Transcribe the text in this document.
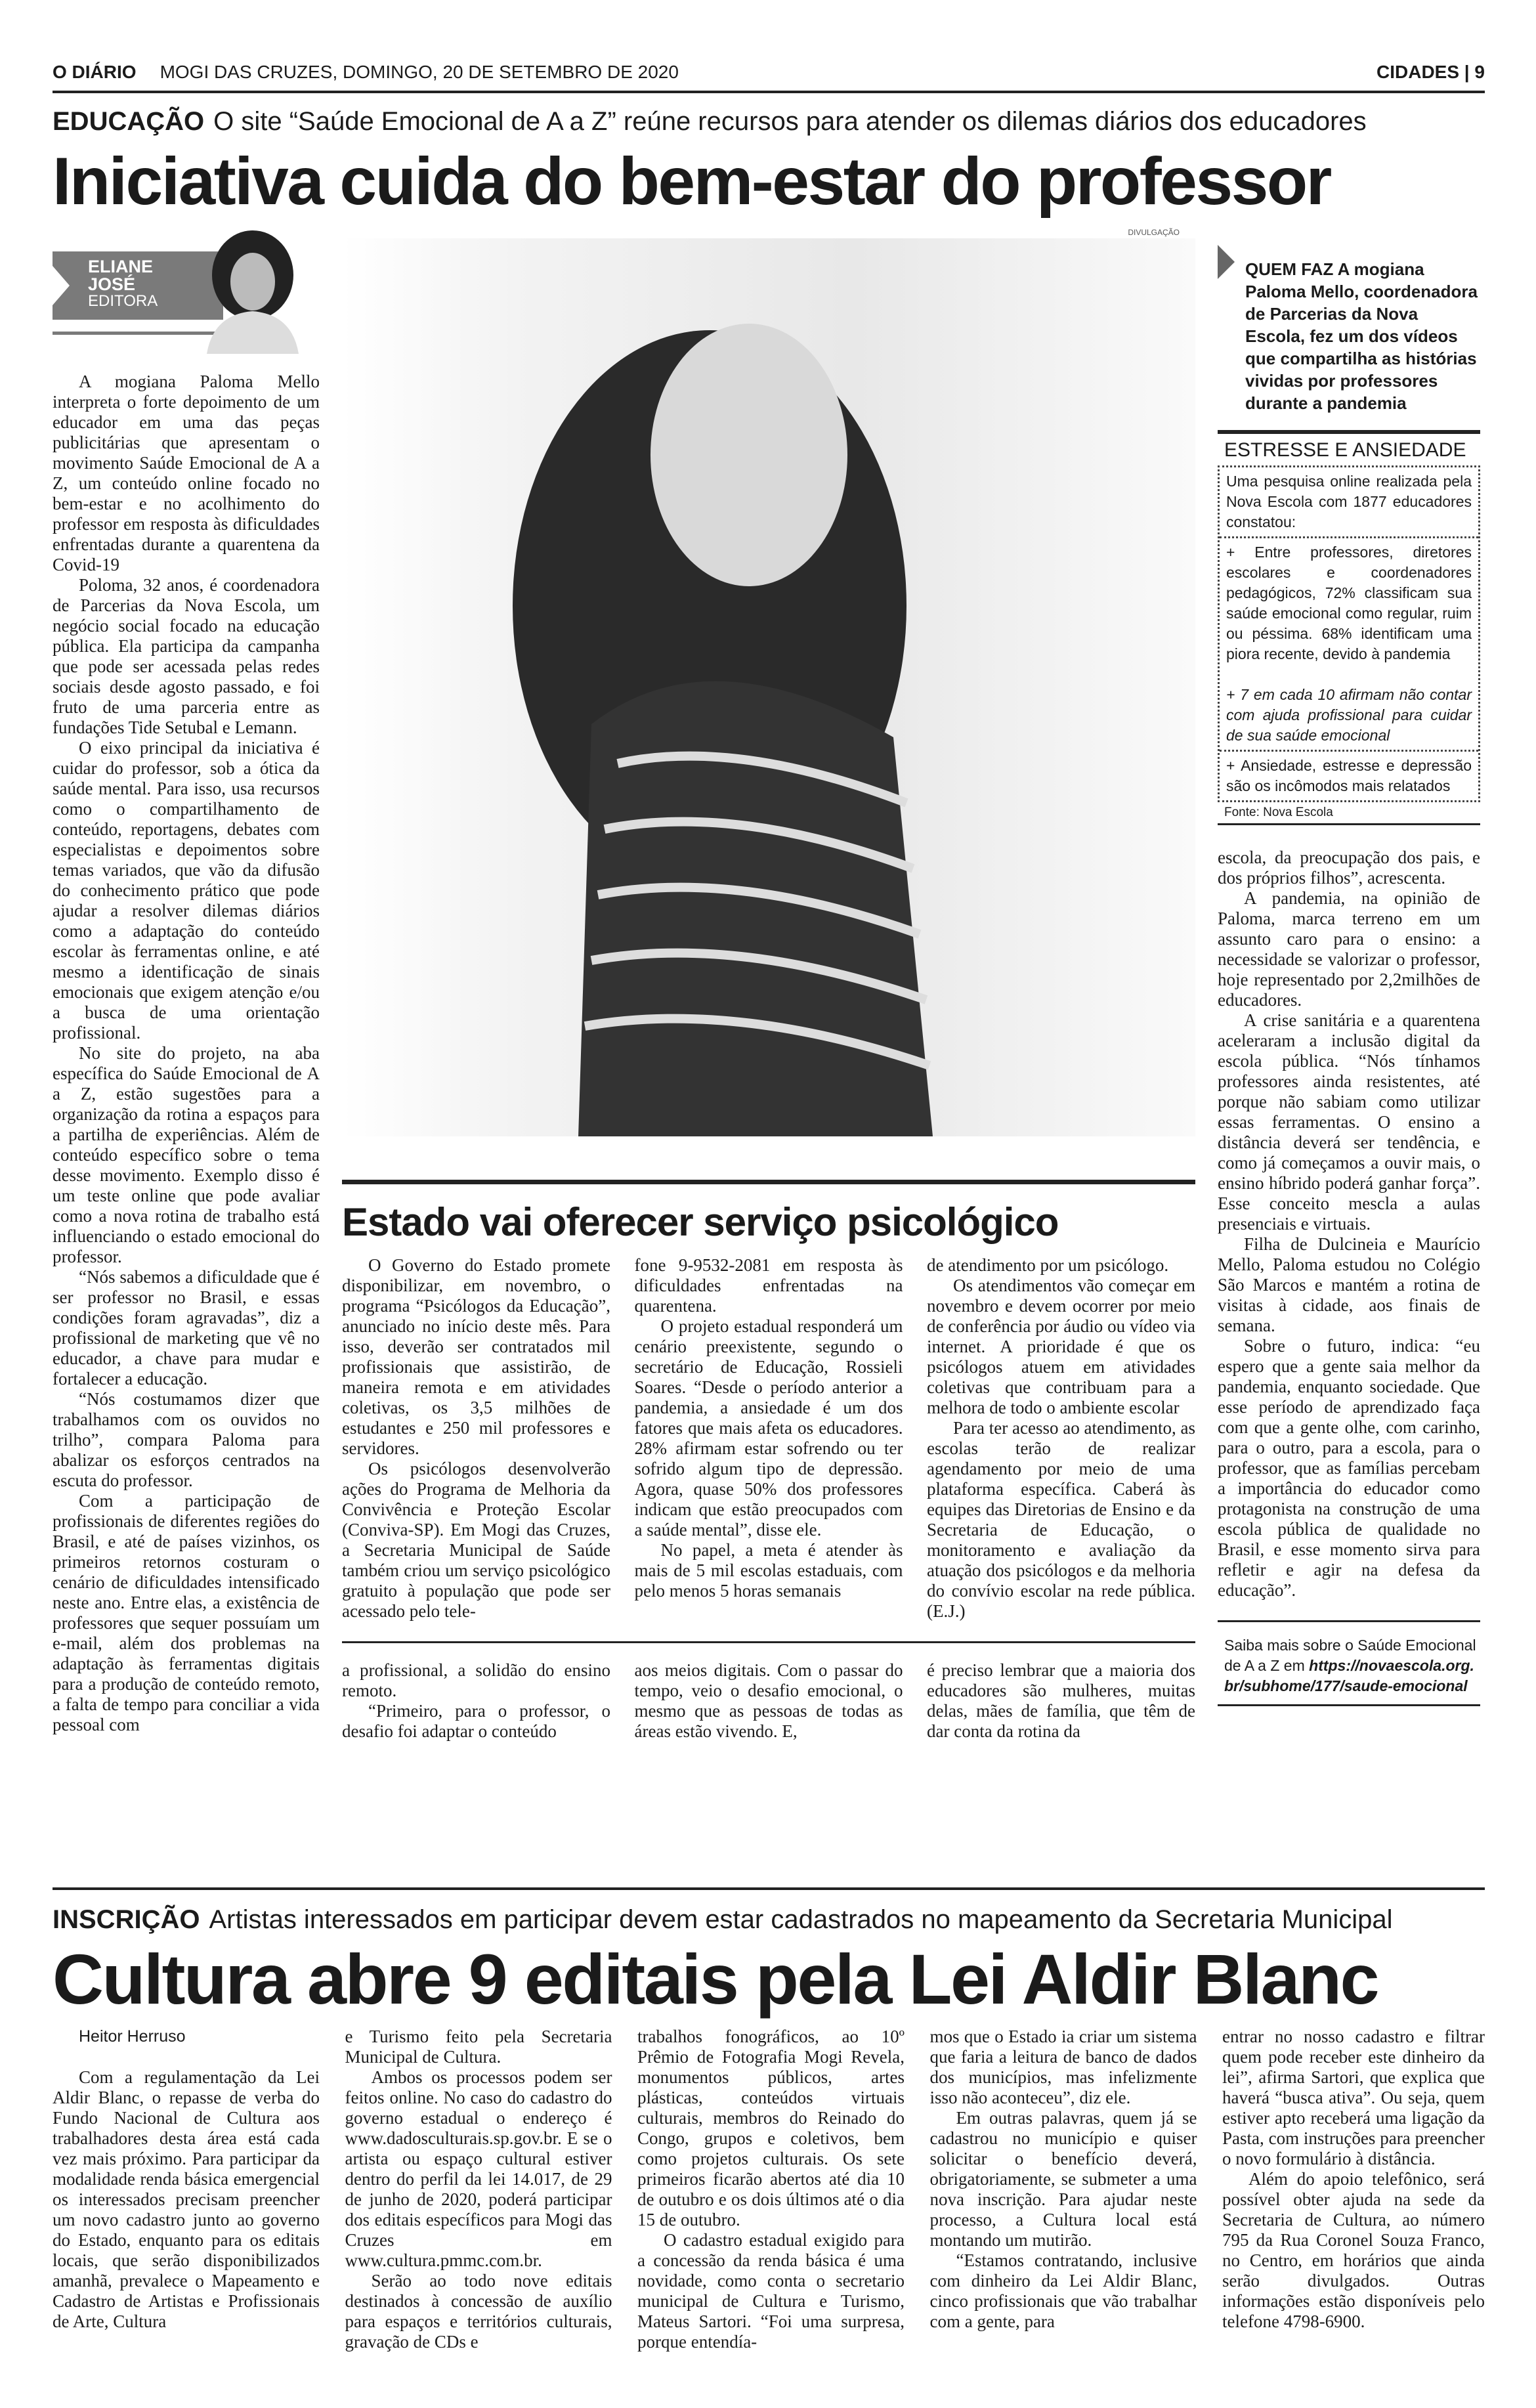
O DIÁRIO MOGI DAS CRUZES, DOMINGO, 20 DE SETEMBRO DE 2020	CIDADES | 9
EDUCAÇÃO O site “Saúde Emocional de A a Z” reúne recursos para atender os dilemas diários dos educadores
Iniciativa cuida do bem-estar do professor
ELIANE
JOSÉ
EDITORA

A mogiana Paloma Mello interpreta o forte depoimento de um educador em uma das peças publicitárias que apresentam o movimento Saúde Emocional de A a Z, um conteúdo online focado no bem-estar e no acolhimento do professor em resposta às dificuldades enfrentadas durante a quarentena da Covid-19

Poloma, 32 anos, é coordenadora de Parcerias da Nova Escola, um negócio social focado na educação pública. Ela participa da campanha que pode ser acessada pelas redes sociais desde agosto passado, e foi fruto de uma parceria entre as fundações Tide Setubal e Lemann.

O eixo principal da iniciativa é cuidar do professor, sob a ótica da saúde mental. Para isso, usa recursos como o compartilhamento de conteúdo, reportagens, debates com especialistas e depoimentos sobre temas variados, que vão da difusão do conhecimento prático que pode ajudar a resolver dilemas diários como a adaptação do conteúdo escolar às ferramentas online, e até mesmo a identificação de sinais emocionais que exigem atenção e/ou a busca de uma orientação profissional.

No site do projeto, na aba específica do Saúde Emocional de A a Z, estão sugestões para a organização da rotina a espaços para a partilha de experiências. Além de conteúdo específico sobre o tema desse movimento. Exemplo disso é um teste online que pode avaliar como a nova rotina de trabalho está influenciando o estado emocional do professor.

“Nós sabemos a dificuldade que é ser professor no Brasil, e essas condições foram agravadas”, diz a profissional de marketing que vê no educador, a chave para mudar e fortalecer a educação.

“Nós costumamos dizer que trabalhamos com os ouvidos no trilho”, compara Paloma para abalizar os esforços centrados na escuta do professor.

Com a participação de profissionais de diferentes regiões do Brasil, e até de países vizinhos, os primeiros retornos costuram o cenário de dificuldades intensificado neste ano. Entre elas, a existência de professores que sequer possuíam um e-mail, além dos problemas na adaptação às ferramentas digitais para a produção de conteúdo remoto, a falta de tempo para conciliar a vida pessoal com

DIVULGAÇÃO
Estado vai oferecer serviço psicológico

O Governo do Estado promete disponibilizar, em novembro, o programa “Psicólogos da Educação”, anunciado no início deste mês. Para isso, deverão ser contratados mil profissionais que assistirão, de maneira remota e em atividades coletivas, os 3,5 milhões de estudantes e 250 mil professores e servidores.

Os psicólogos desenvolverão ações do Programa de Melhoria da Convivência e Proteção Escolar (Conviva-SP). Em Mogi das Cruzes, a Secretaria Municipal de Saúde também criou um serviço psicológico gratuito à população que pode ser acessado pelo tele-

fone 9-9532-2081 em resposta às dificuldades enfrentadas na quarentena.

O projeto estadual responderá um cenário preexistente, segundo o secretário de Educação, Rossieli Soares. “Desde o período anterior a pandemia, a ansiedade é um dos fatores que mais afeta os educadores. 28% afirmam estar sofrendo ou ter sofrido algum tipo de depressão. Agora, quase 50% dos professores indicam que estão preocupados com a saúde mental”, disse ele.

No papel, a meta é atender às mais de 5 mil escolas estaduais, com pelo menos 5 horas semanais

de atendimento por um psicólogo.

Os atendimentos vão começar em novembro e devem ocorrer por meio de conferência por áudio ou vídeo via internet. A prioridade é que os psicólogos atuem em atividades coletivas que contribuam para a melhora de todo o ambiente escolar

Para ter acesso ao atendimento, as escolas terão de realizar agendamento por meio de uma plataforma específica. Caberá às equipes das Diretorias de Ensino e da Secretaria de Educação, o monitoramento e avaliação da atuação dos psicólogos e da melhoria do convívio escolar na rede pública. (E.J.)

a profissional, a solidão do ensino remoto.

“Primeiro, para o professor, o desafio foi adaptar o conteúdo

aos meios digitais. Com o passar do tempo, veio o desafio emocional, o mesmo que as pessoas de todas as áreas estão vivendo. E,

é preciso lembrar que a maioria dos educadores são mulheres, muitas delas, mães de família, que têm de dar conta da rotina da

QUEM FAZ A mogiana Paloma Mello, coordenadora de Parcerias da Nova Escola, fez um dos vídeos que compartilha as histórias vividas por professores durante a pandemia
ESTRESSE E ANSIEDADE
Uma pesquisa online realizada pela Nova Escola com 1877 educadores constatou:
+ Entre professores, diretores escolares e coordenadores pedagógicos, 72% classificam sua saúde emocional como regular, ruim ou péssima. 68% identificam uma piora recente, devido à pandemia

+ 7 em cada 10 afirmam não contar com ajuda profissional para cuidar de sua saúde emocional
+ Ansiedade, estresse e depressão são os incômodos mais relatados
Fonte: Nova Escola

escola, da preocupação dos pais, e dos próprios filhos”, acrescenta.

A pandemia, na opinião de Paloma, marca terreno em um assunto caro para o ensino: a necessidade se valorizar o professor, hoje representado por 2,2milhões de educadores.

A crise sanitária e a quarentena aceleraram a inclusão digital da escola pública. “Nós tínhamos professores ainda resistentes, até porque não sabiam como utilizar essas ferramentas. O ensino a distância deverá ser tendência, e como já começamos a ouvir mais, o ensino híbrido poderá ganhar força”. Esse conceito mescla a aulas presenciais e virtuais.

Filha de Dulcineia e Maurício Mello, Paloma estudou no Colégio São Marcos e mantém a rotina de visitas à cidade, aos finais de semana.

Sobre o futuro, indica: “eu espero que a gente saia melhor da pandemia, enquanto sociedade. Que esse período de aprendizado faça com que a gente olhe, com carinho, para o outro, para a escola, para o professor, que as famílias percebam a importância do educador como protagonista na construção de uma escola pública de qualidade no Brasil, e esse momento sirva para refletir e agir na defesa da educação”.

Saiba mais sobre o Saúde Emocional de A a Z em https://novaescola.org.br/subhome/177/saude-emocional
INSCRIÇÃO Artistas interessados em participar devem estar cadastrados no mapeamento da Secretaria Municipal
Cultura abre 9 editais pela Lei Aldir Blanc
Heitor Herruso

Com a regulamentação da Lei Aldir Blanc, o repasse de verba do Fundo Nacional de Cultura aos trabalhadores desta área está cada vez mais próximo. Para participar da modalidade renda básica emergencial os interessados precisam preencher um novo cadastro junto ao governo do Estado, enquanto para os editais locais, que serão disponibilizados amanhã, prevalece o Mapeamento e Cadastro de Artistas e Profissionais de Arte, Cultura

e Turismo feito pela Secretaria Municipal de Cultura.

Ambos os processos podem ser feitos online. No caso do cadastro do governo estadual o endereço é www.dadosculturais.sp.gov.br. E se o artista ou espaço cultural estiver dentro do perfil da lei 14.017, de 29 de junho de 2020, poderá participar dos editais específicos para Mogi das Cruzes em www.cultura.pmmc.com.br.

Serão ao todo nove editais destinados à concessão de auxílio para espaços e territórios culturais, gravação de CDs e

trabalhos fonográficos, ao 10º Prêmio de Fotografia Mogi Revela, monumentos públicos, artes plásticas, conteúdos virtuais culturais, membros do Reinado do Congo, grupos e coletivos, bem como projetos culturais. Os sete primeiros ficarão abertos até dia 10 de outubro e os dois últimos até o dia 15 de outubro.

O cadastro estadual exigido para a concessão da renda básica é uma novidade, como conta o secretario municipal de Cultura e Turismo, Mateus Sartori. “Foi uma surpresa, porque entendía-

mos que o Estado ia criar um sistema que faria a leitura de banco de dados dos municípios, mas infelizmente isso não aconteceu”, diz ele.

Em outras palavras, quem já se cadastrou no município e quiser solicitar o benefício deverá, obrigatoriamente, se submeter a uma nova inscrição. Para ajudar neste processo, a Cultura local está montando um mutirão.

“Estamos contratando, inclusive com dinheiro da Lei Aldir Blanc, cinco profissionais que vão trabalhar com a gente, para

entrar no nosso cadastro e filtrar quem pode receber este dinheiro da lei”, afirma Sartori, que explica que haverá “busca ativa”. Ou seja, quem estiver apto receberá uma ligação da Pasta, com instruções para preencher o novo formulário à distância.

Além do apoio telefônico, será possível obter ajuda na sede da Secretaria de Cultura, ao número 795 da Rua Coronel Souza Franco, no Centro, em horários que ainda serão divulgados. Outras informações estão disponíveis pelo telefone 4798-6900.
